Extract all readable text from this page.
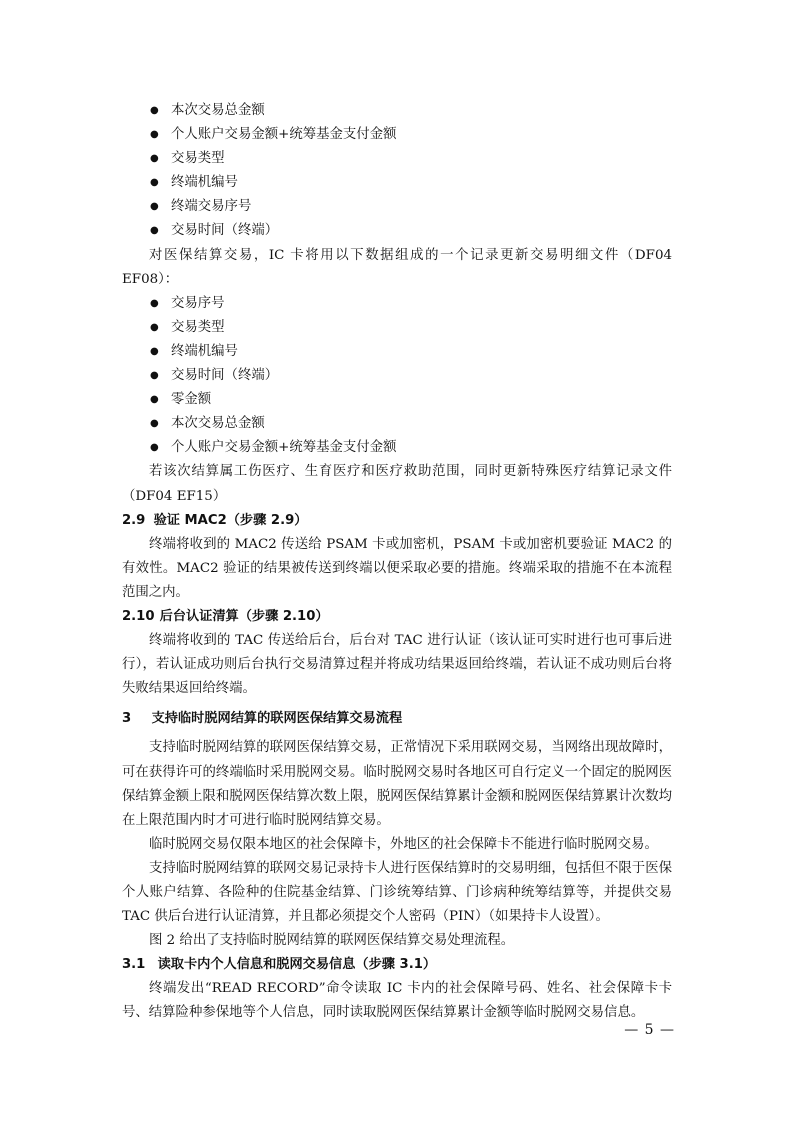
● 本次交易总金额
● 个人账户交易金额+统筹基金支付金额
● 交易类型
● 终端机编号
● 终端交易序号
● 交易时间（终端）

对医保结算交易，IC 卡将用以下数据组成的一个记录更新交易明细文件（DF04 EF08）：

● 交易序号
● 交易类型
● 终端机编号
● 交易时间（终端）
● 零金额
● 本次交易总金额
● 个人账户交易金额+统筹基金支付金额

若该次结算属工伤医疗、生育医疗和医疗救助范围，同时更新特殊医疗结算记录文件（DF04 EF15）

2.9 验证 MAC2（步骤 2.9）

终端将收到的 MAC2 传送给 PSAM 卡或加密机，PSAM 卡或加密机要验证 MAC2 的有效性。MAC2 验证的结果被传送到终端以便采取必要的措施。终端采取的措施不在本流程范围之内。

2.10 后台认证清算（步骤 2.10）

终端将收到的 TAC 传送给后台，后台对 TAC 进行认证（该认证可实时进行也可事后进行），若认证成功则后台执行交易清算过程并将成功结果返回给终端，若认证不成功则后台将失败结果返回给终端。

3 支持临时脱网结算的联网医保结算交易流程

支持临时脱网结算的联网医保结算交易，正常情况下采用联网交易，当网络出现故障时，可在获得许可的终端临时采用脱网交易。临时脱网交易时各地区可自行定义一个固定的脱网医保结算金额上限和脱网医保结算次数上限，脱网医保结算累计金额和脱网医保结算累计次数均在上限范围内时才可进行临时脱网结算交易。

临时脱网交易仅限本地区的社会保障卡，外地区的社会保障卡不能进行临时脱网交易。

支持临时脱网结算的联网交易记录持卡人进行医保结算时的交易明细，包括但不限于医保个人账户结算、各险种的住院基金结算、门诊统筹结算、门诊病种统筹结算等，并提供交易 TAC 供后台进行认证清算，并且都必须提交个人密码（PIN）（如果持卡人设置）。

图 2 给出了支持临时脱网结算的联网医保结算交易处理流程。

3.1 读取卡内个人信息和脱网交易信息（步骤 3.1）

终端发出“READ RECORD”命令读取 IC 卡内的社会保障号码、姓名、社会保障卡卡号、结算险种参保地等个人信息，同时读取脱网医保结算累计金额等临时脱网交易信息。

— 5 —
